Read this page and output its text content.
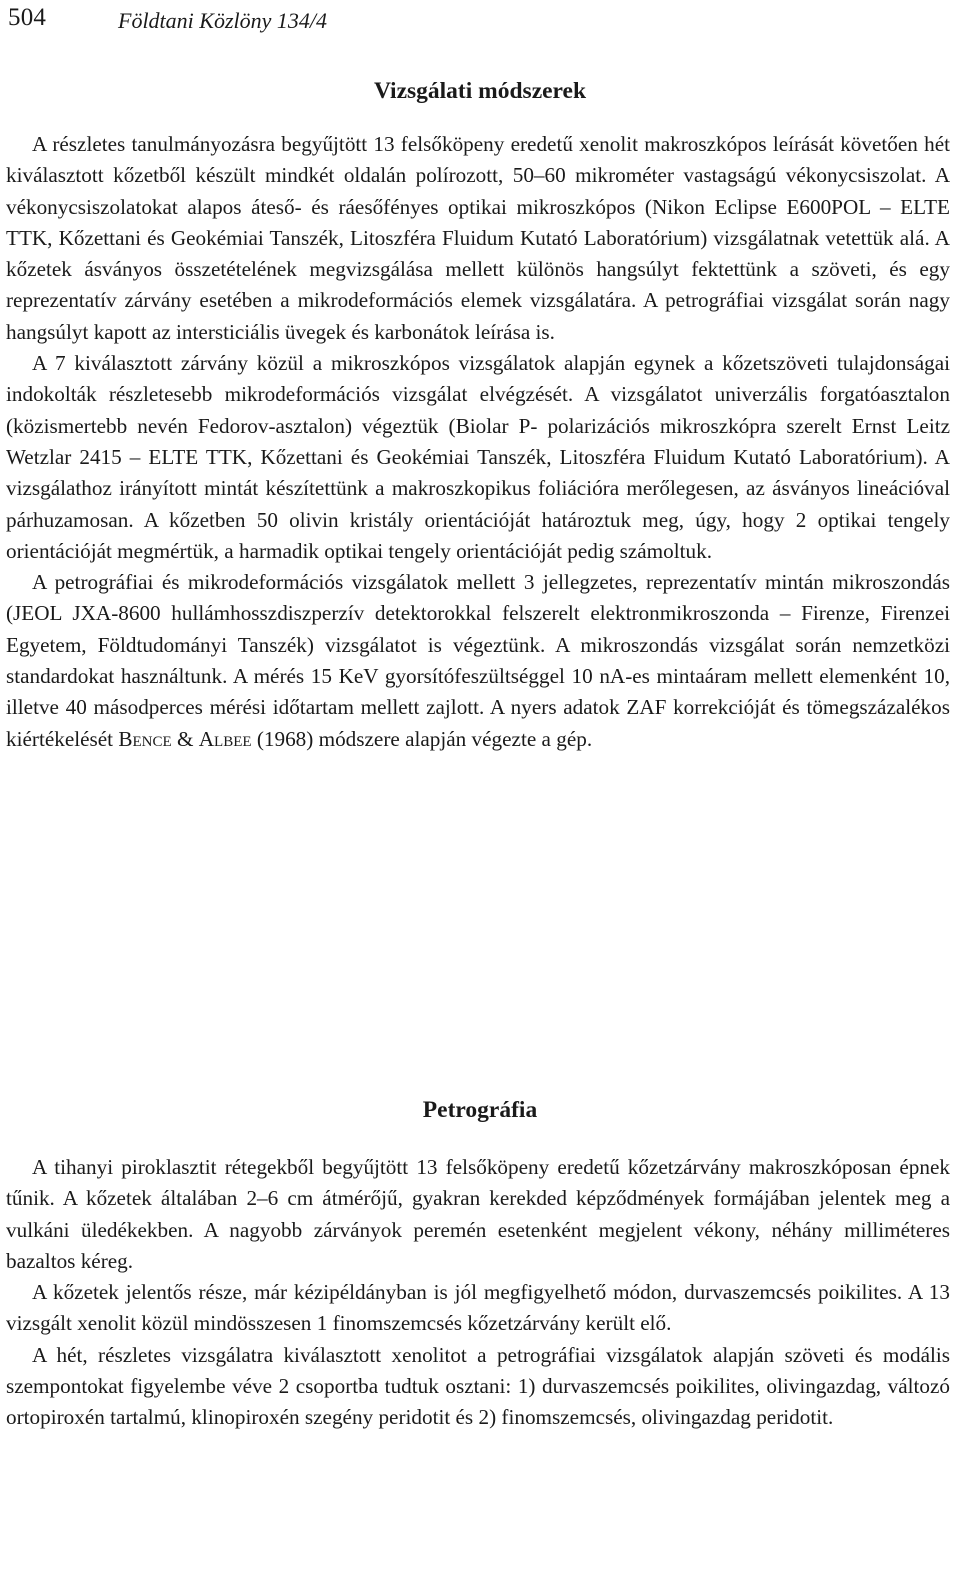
504	Földtani Közlöny 134/4
Vizsgálati módszerek

A részletes tanulmányozásra begyűjtött 13 felsőköpeny eredetű xenolit makroszkópos leírását követően hét kiválasztott kőzetből készült mindkét oldalán polírozott, 50–60 mikrométer vastagságú vékonycsiszolat. A vékonycsiszolatokat alapos áteső- és ráesőfényes optikai mikroszkópos (Nikon Eclipse E600POL – ELTE TTK, Kőzettani és Geokémiai Tanszék, Litoszféra Fluidum Kutató Laboratórium) vizsgálatnak vetettük alá. A kőzetek ásványos összetételének megvizsgálása mellett különös hangsúlyt fektettünk a szöveti, és egy reprezentatív zárvány esetében a mikrodeformációs elemek vizsgálatára. A petrográfiai vizsgálat során nagy hangsúlyt kapott az intersticiális üvegek és karbonátok leírása is.

A 7 kiválasztott zárvány közül a mikroszkópos vizsgálatok alapján egynek a kőzetszöveti tulajdonságai indokolták részletesebb mikrodeformációs vizsgálat elvégzését. A vizsgálatot univerzális forgatóasztalon (közismertebb nevén Fedorov-asztalon) végeztük (Biolar P- polarizációs mikroszkópra szerelt Ernst Leitz Wetzlar 2415 – ELTE TTK, Kőzettani és Geokémiai Tanszék, Litoszféra Fluidum Kutató Laboratórium). A vizsgálathoz irányított mintát készítettünk a makroszkopikus foliációra merőlegesen, az ásványos lineációval párhuzamosan. A kőzetben 50 olivin kristály orientációját határoztuk meg, úgy, hogy 2 optikai tengely orientációját megmértük, a harmadik optikai tengely orientációját pedig számoltuk.

A petrográfiai és mikrodeformációs vizsgálatok mellett 3 jellegzetes, reprezentatív mintán mikroszondás (JEOL JXA-8600 hullámhosszdiszperzív detektorokkal felszerelt elektronmikroszonda – Firenze, Firenzei Egyetem, Földtudományi Tanszék) vizsgálatot is végeztünk. A mikroszondás vizsgálat során nemzetközi standardokat használtunk. A mérés 15 KeV gyorsítófeszültséggel 10 nA-es mintaáram mellett elemenként 10, illetve 40 másodperces mérési időtartam mellett zajlott. A nyers adatok ZAF korrekcióját és tömegszázalékos kiértékelését Bence & Albee (1968) módszere alapján végezte a gép.

Petrográfia

A tihanyi piroklasztit rétegekből begyűjtött 13 felsőköpeny eredetű kőzetzárvány makroszkóposan épnek tűnik. A kőzetek általában 2–6 cm átmérőjű, gyakran kerekded képződmények formájában jelentek meg a vulkáni üledékekben. A nagyobb zárványok peremén esetenként megjelent vékony, néhány milliméteres bazaltos kéreg.

A kőzetek jelentős része, már kézipéldányban is jól megfigyelhető módon, durvaszemcsés poikilites. A 13 vizsgált xenolit közül mindösszesen 1 finomszemcsés kőzetzárvány került elő.

A hét, részletes vizsgálatra kiválasztott xenolitot a petrográfiai vizsgálatok alapján szöveti és modális szempontokat figyelembe véve 2 csoportba tudtuk osztani: 1) durvaszemcsés poikilites, olivingazdag, változó ortopiroxén tartalmú, klinopiroxén szegény peridotit és 2) finomszemcsés, olivingazdag peridotit.
